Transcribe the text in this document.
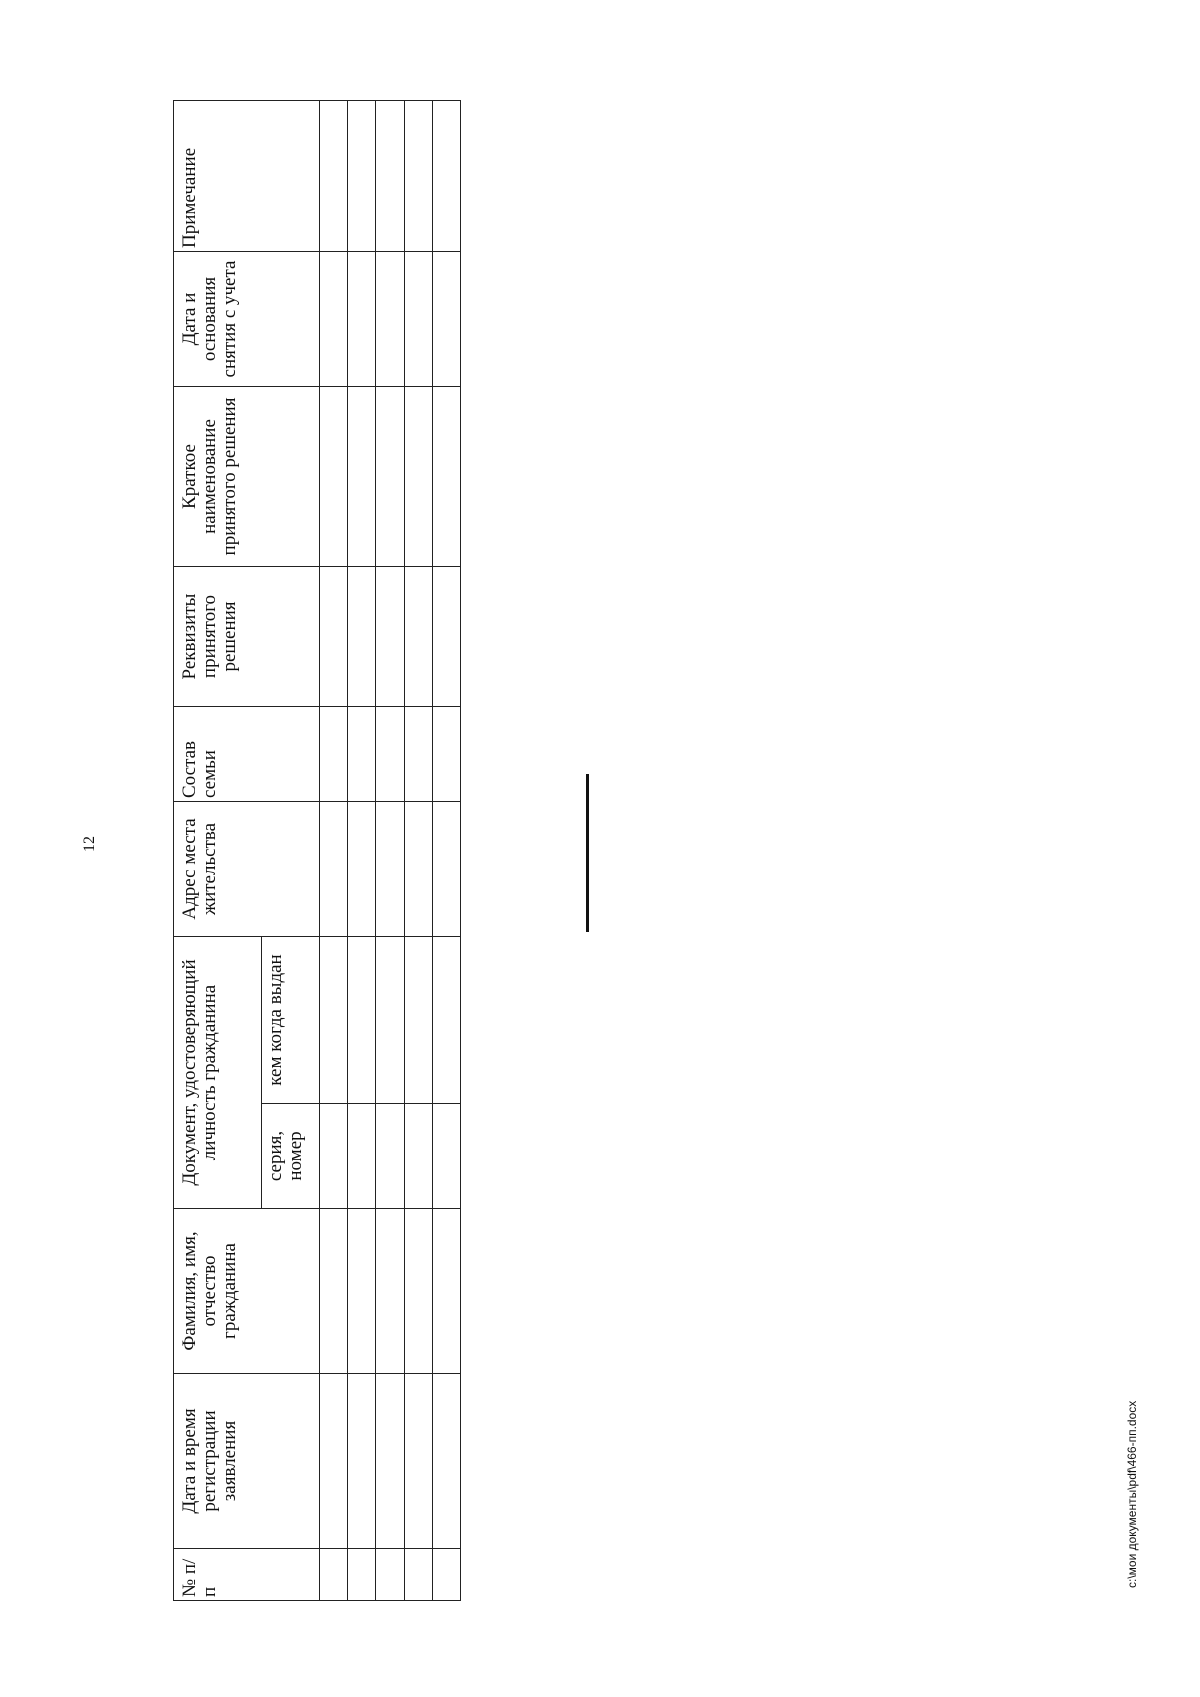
12
№ п/п	Дата и время регистрации заявления	Фамилия, имя, отчество гражданина	Документ, удостоверяющий личность гражданина		Адрес места жительства	Состав семьи	Реквизиты принятого решения	Краткое наименование принятого решения	Дата и основания снятия с учета	Примечание
			серия, номер	кем когда выдан						

c:\мои документы\pdf\466-пп.docx
